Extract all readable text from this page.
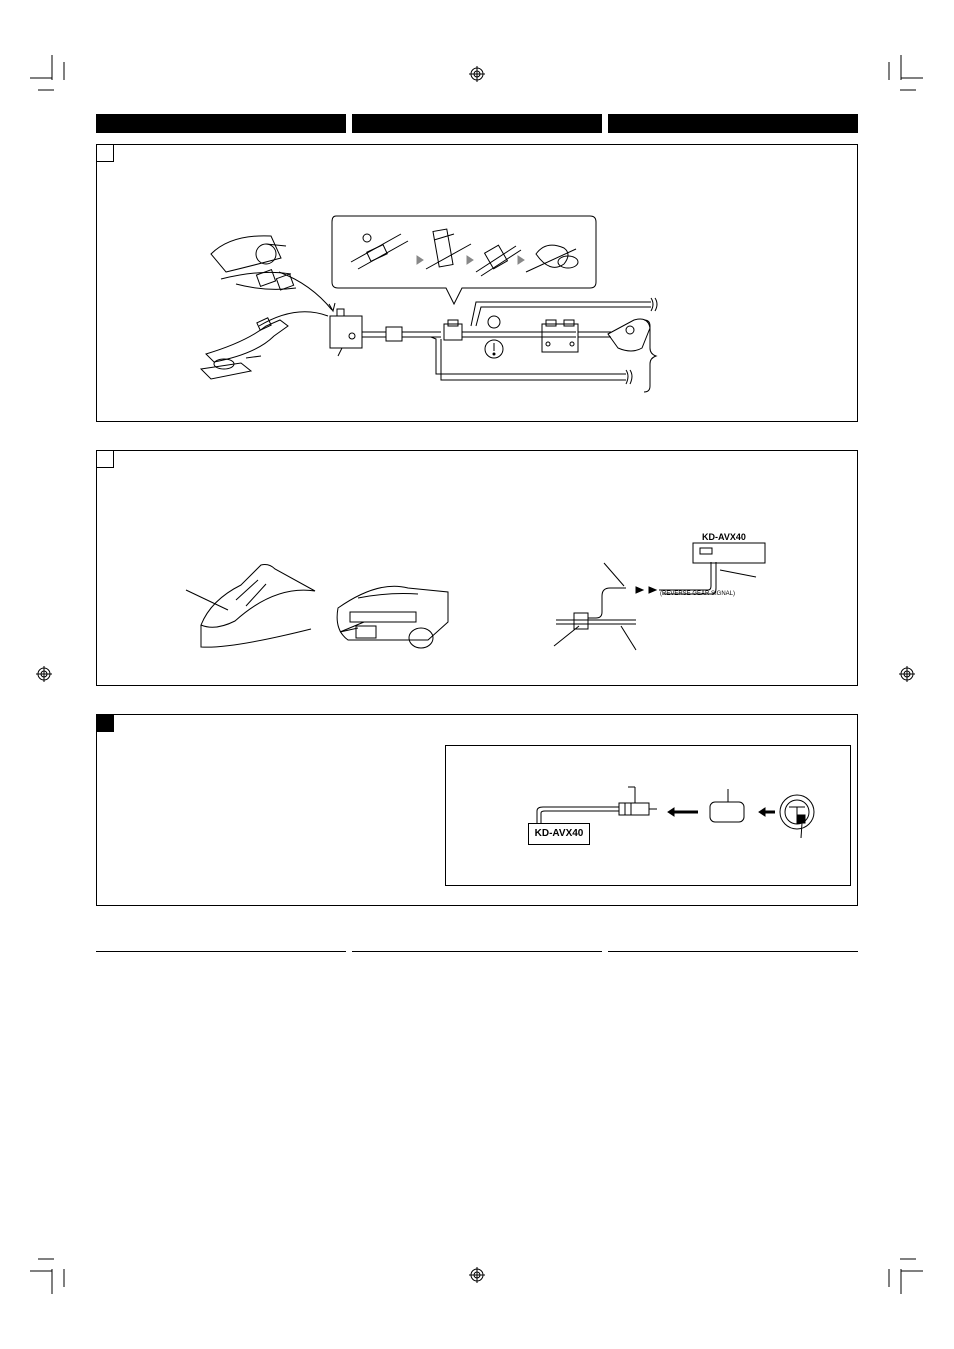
KD-AVX40
(REVERSE GEAR SIGNAL)
KD-AVX40
